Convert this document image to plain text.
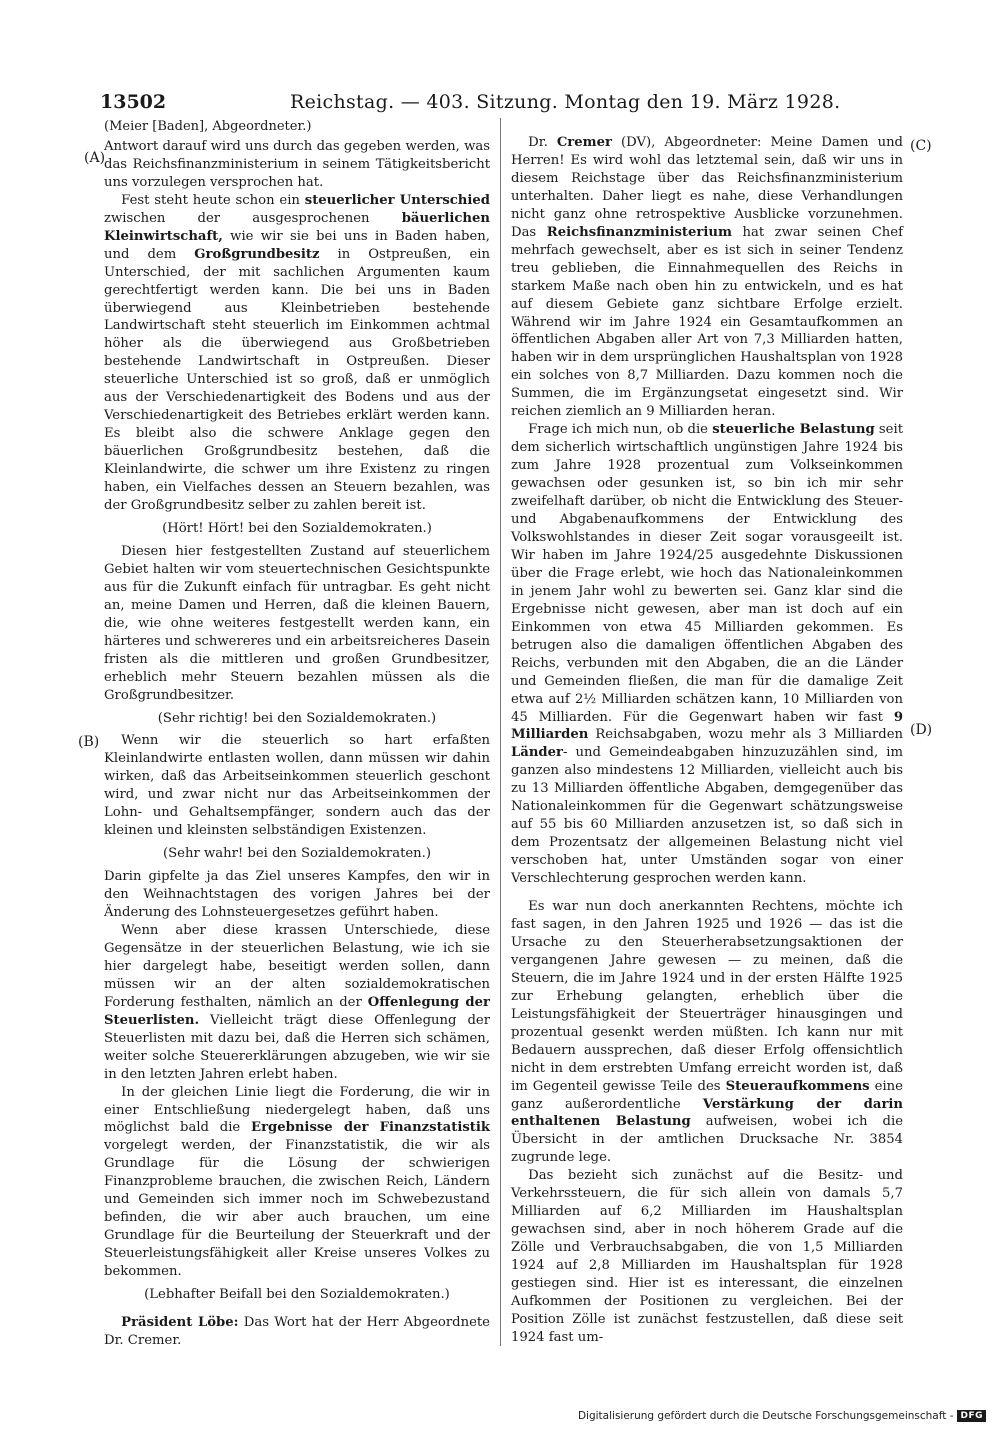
13502	Reichstag. — 403. Sitzung. Montag den 19. März 1928.
(A)
(B)
(C)
(D)
(Meier [Baden], Abgeordneter.)

Antwort darauf wird uns durch das gegeben werden, was das Reichsfinanzministerium in seinem Tätigkeitsbericht uns vorzulegen versprochen hat.

Fest steht heute schon ein steuerlicher Unterschied zwischen der ausgesprochenen bäuerlichen Kleinwirtschaft, wie wir sie bei uns in Baden haben, und dem Großgrundbesitz in Ostpreußen, ein Unterschied, der mit sachlichen Argumenten kaum gerechtfertigt werden kann. Die bei uns in Baden überwiegend aus Kleinbetrieben bestehende Landwirtschaft steht steuerlich im Einkommen achtmal höher als die überwiegend aus Großbetrieben bestehende Landwirtschaft in Ostpreußen. Dieser steuerliche Unterschied ist so groß, daß er unmöglich aus der Verschiedenartigkeit des Bodens und aus der Verschiedenartigkeit des Betriebes erklärt werden kann. Es bleibt also die schwere Anklage gegen den bäuerlichen Großgrundbesitz bestehen, daß die Kleinlandwirte, die schwer um ihre Existenz zu ringen haben, ein Vielfaches dessen an Steuern bezahlen, was der Großgrundbesitz selber zu zahlen bereit ist.

(Hört! Hört! bei den Sozialdemokraten.)

Diesen hier festgestellten Zustand auf steuerlichem Gebiet halten wir vom steuertechnischen Gesichtspunkte aus für die Zukunft einfach für untragbar. Es geht nicht an, meine Damen und Herren, daß die kleinen Bauern, die, wie ohne weiteres festgestellt werden kann, ein härteres und schwereres und ein arbeitsreicheres Dasein fristen als die mittleren und großen Grundbesitzer, erheblich mehr Steuern bezahlen müssen als die Großgrundbesitzer.

(Sehr richtig! bei den Sozialdemokraten.)

Wenn wir die steuerlich so hart erfaßten Kleinlandwirte entlasten wollen, dann müssen wir dahin wirken, daß das Arbeitseinkommen steuerlich geschont wird, und zwar nicht nur das Arbeitseinkommen der Lohn- und Gehaltsempfänger, sondern auch das der kleinen und kleinsten selbständigen Existenzen.

(Sehr wahr! bei den Sozialdemokraten.)

Darin gipfelte ja das Ziel unseres Kampfes, den wir in den Weihnachtstagen des vorigen Jahres bei der Änderung des Lohnsteuergesetzes geführt haben.

Wenn aber diese krassen Unterschiede, diese Gegensätze in der steuerlichen Belastung, wie ich sie hier dargelegt habe, beseitigt werden sollen, dann müssen wir an der alten sozialdemokratischen Forderung festhalten, nämlich an der Offenlegung der Steuerlisten. Vielleicht trägt diese Offenlegung der Steuerlisten mit dazu bei, daß die Herren sich schämen, weiter solche Steuererklärungen abzugeben, wie wir sie in den letzten Jahren erlebt haben.

In der gleichen Linie liegt die Forderung, die wir in einer Entschließung niedergelegt haben, daß uns möglichst bald die Ergebnisse der Finanzstatistik vorgelegt werden, der Finanzstatistik, die wir als Grundlage für die Lösung der schwierigen Finanzprobleme brauchen, die zwischen Reich, Ländern und Gemeinden sich immer noch im Schwebezustand befinden, die wir aber auch brauchen, um eine Grundlage für die Beurteilung der Steuerkraft und der Steuerleistungsfähigkeit aller Kreise unseres Volkes zu bekommen.

(Lebhafter Beifall bei den Sozialdemokraten.)

Präsident Löbe: Das Wort hat der Herr Abgeordnete Dr. Cremer.

Dr. Cremer (DV), Abgeordneter: Meine Damen und Herren! Es wird wohl das letztemal sein, daß wir uns in diesem Reichstage über das Reichsfinanzministerium unterhalten. Daher liegt es nahe, diese Verhandlungen nicht ganz ohne retrospektive Ausblicke vorzunehmen. Das Reichsfinanzministerium hat zwar seinen Chef mehrfach gewechselt, aber es ist sich in seiner Tendenz treu geblieben, die Einnahmequellen des Reichs in starkem Maße nach oben hin zu entwickeln, und es hat auf diesem Gebiete ganz sichtbare Erfolge erzielt. Während wir im Jahre 1924 ein Gesamtaufkommen an öffentlichen Abgaben aller Art von 7,3 Milliarden hatten, haben wir in dem ursprünglichen Haushaltsplan von 1928 ein solches von 8,7 Milliarden. Dazu kommen noch die Summen, die im Ergänzungsetat eingesetzt sind. Wir reichen ziemlich an 9 Milliarden heran.

Frage ich mich nun, ob die steuerliche Belastung seit dem sicherlich wirtschaftlich ungünstigen Jahre 1924 bis zum Jahre 1928 prozentual zum Volkseinkommen gewachsen oder gesunken ist, so bin ich mir sehr zweifelhaft darüber, ob nicht die Entwicklung des Steuer- und Abgabenaufkommens der Entwicklung des Volkswohlstandes in dieser Zeit sogar vorausgeeilt ist. Wir haben im Jahre 1924/25 ausgedehnte Diskussionen über die Frage erlebt, wie hoch das Nationaleinkommen in jenem Jahr wohl zu bewerten sei. Ganz klar sind die Ergebnisse nicht gewesen, aber man ist doch auf ein Einkommen von etwa 45 Milliarden gekommen. Es betrugen also die damaligen öffentlichen Abgaben des Reichs, verbunden mit den Abgaben, die an die Länder und Gemeinden fließen, die man für die damalige Zeit etwa auf 2½ Milliarden schätzen kann, 10 Milliarden von 45 Milliarden. Für die Gegenwart haben wir fast 9 Milliarden Reichsabgaben, wozu mehr als 3 Milliarden Länder- und Gemeindeabgaben hinzuzuzählen sind, im ganzen also mindestens 12 Milliarden, vielleicht auch bis zu 13 Milliarden öffentliche Abgaben, demgegenüber das Nationaleinkommen für die Gegenwart schätzungsweise auf 55 bis 60 Milliarden anzusetzen ist, so daß sich in dem Prozentsatz der allgemeinen Belastung nicht viel verschoben hat, unter Umständen sogar von einer Verschlechterung gesprochen werden kann.

Es war nun doch anerkannten Rechtens, möchte ich fast sagen, in den Jahren 1925 und 1926 — das ist die Ursache zu den Steuerherabsetzungsaktionen der vergangenen Jahre gewesen — zu meinen, daß die Steuern, die im Jahre 1924 und in der ersten Hälfte 1925 zur Erhebung gelangten, erheblich über die Leistungsfähigkeit der Steuerträger hinausgingen und prozentual gesenkt werden müßten. Ich kann nur mit Bedauern aussprechen, daß dieser Erfolg offensichtlich nicht in dem erstrebten Umfang erreicht worden ist, daß im Gegenteil gewisse Teile des Steueraufkommens eine ganz außerordentliche Verstärkung der darin enthaltenen Belastung aufweisen, wobei ich die Übersicht in der amtlichen Drucksache Nr. 3854 zugrunde lege.

Das bezieht sich zunächst auf die Besitz- und Verkehrssteuern, die für sich allein von damals 5,7 Milliarden auf 6,2 Milliarden im Haushaltsplan gewachsen sind, aber in noch höherem Grade auf die Zölle und Verbrauchsabgaben, die von 1,5 Milliarden 1924 auf 2,8 Milliarden im Haushaltsplan für 1928 gestiegen sind. Hier ist es interessant, die einzelnen Aufkommen der Positionen zu vergleichen. Bei der Position Zölle ist zunächst festzustellen, daß diese seit 1924 fast um-

Digitalisierung gefördert durch die Deutsche Forschungsgemeinschaft - DFG
